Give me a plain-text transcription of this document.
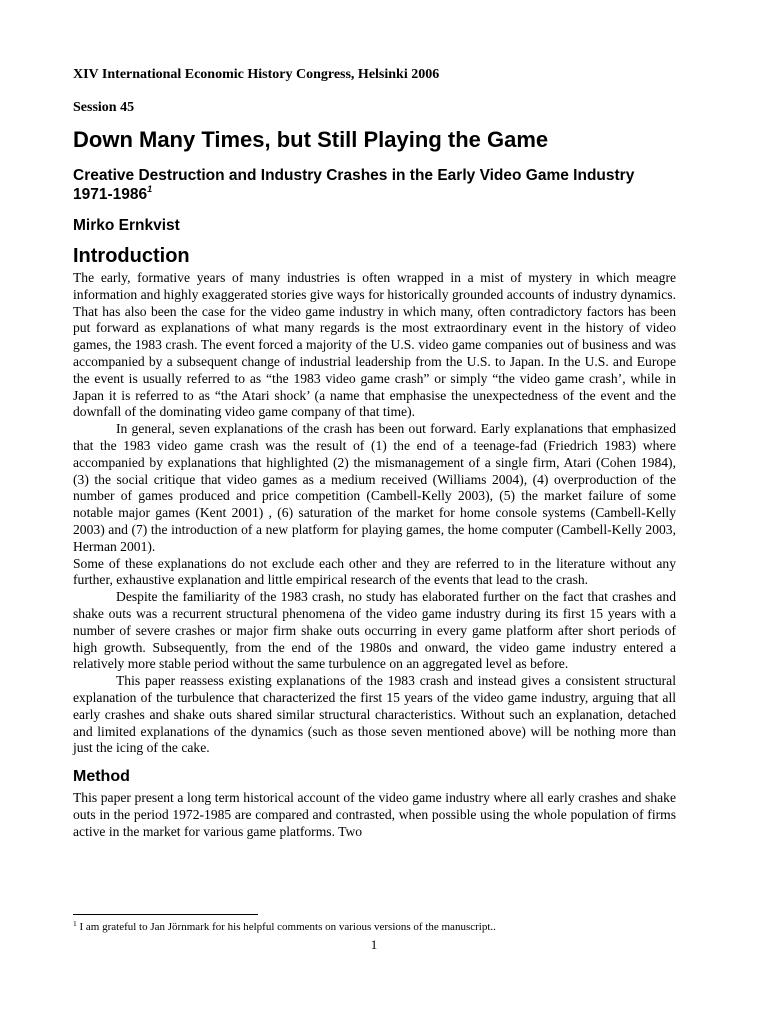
XIV International Economic History Congress, Helsinki 2006

Session 45

Down Many Times, but Still Playing the Game
Creative Destruction and Industry Crashes in the Early Video Game Industry 1971-1986$^1$

Mirko Ernkvist

Introduction

The early, formative years of many industries is often wrapped in a mist of mystery in which meagre information and highly exaggerated stories give ways for historically grounded accounts of industry dynamics. That has also been the case for the video game industry in which many, often contradictory factors has been put forward as explanations of what many regards is the most extraordinary event in the history of video games, the 1983 crash. The event forced a majority of the U.S. video game companies out of business and was accompanied by a subsequent change of industrial leadership from the U.S. to Japan. In the U.S. and Europe the event is usually referred to as “the 1983 video game crash” or simply “the video game crash’, while in Japan it is referred to as “the Atari shock’ (a name that emphasise the unexpectedness of the event and the downfall of the dominating video game company of that time).

In general, seven explanations of the crash has been out forward. Early explanations that emphasized that the 1983 video game crash was the result of (1) the end of a teenage-fad (Friedrich 1983) where accompanied by explanations that highlighted (2) the mismanagement of a single firm, Atari (Cohen 1984), (3) the social critique that video games as a medium received (Williams 2004), (4) overproduction of the number of games produced and price competition (Cambell-Kelly 2003), (5) the market failure of some notable major games (Kent 2001) , (6) saturation of the market for home console systems (Cambell-Kelly 2003) and (7) the introduction of a new platform for playing games, the home computer (Cambell-Kelly 2003, Herman 2001).

Some of these explanations do not exclude each other and they are referred to in the literature without any further, exhaustive explanation and little empirical research of the events that lead to the crash.

Despite the familiarity of the 1983 crash, no study has elaborated further on the fact that crashes and shake outs was a recurrent structural phenomena of the video game industry during its first 15 years with a number of severe crashes or major firm shake outs occurring in every game platform after short periods of high growth. Subsequently, from the end of the 1980s and onward, the video game industry entered a relatively more stable period without the same turbulence on an aggregated level as before.

This paper reassess existing explanations of the 1983 crash and instead gives a consistent structural explanation of the turbulence that characterized the first 15 years of the video game industry, arguing that all early crashes and shake outs shared similar structural characteristics. Without such an explanation, detached and limited explanations of the dynamics (such as those seven mentioned above) will be nothing more than just the icing of the cake.

Method

This paper present a long term historical account of the video game industry where all early crashes and shake outs in the period 1972-1985 are compared and contrasted, when possible using the whole population of firms active in the market for various game platforms. Two

$^1$ I am grateful to Jan Jörnmark for his helpful comments on various versions of the manuscript..

1
